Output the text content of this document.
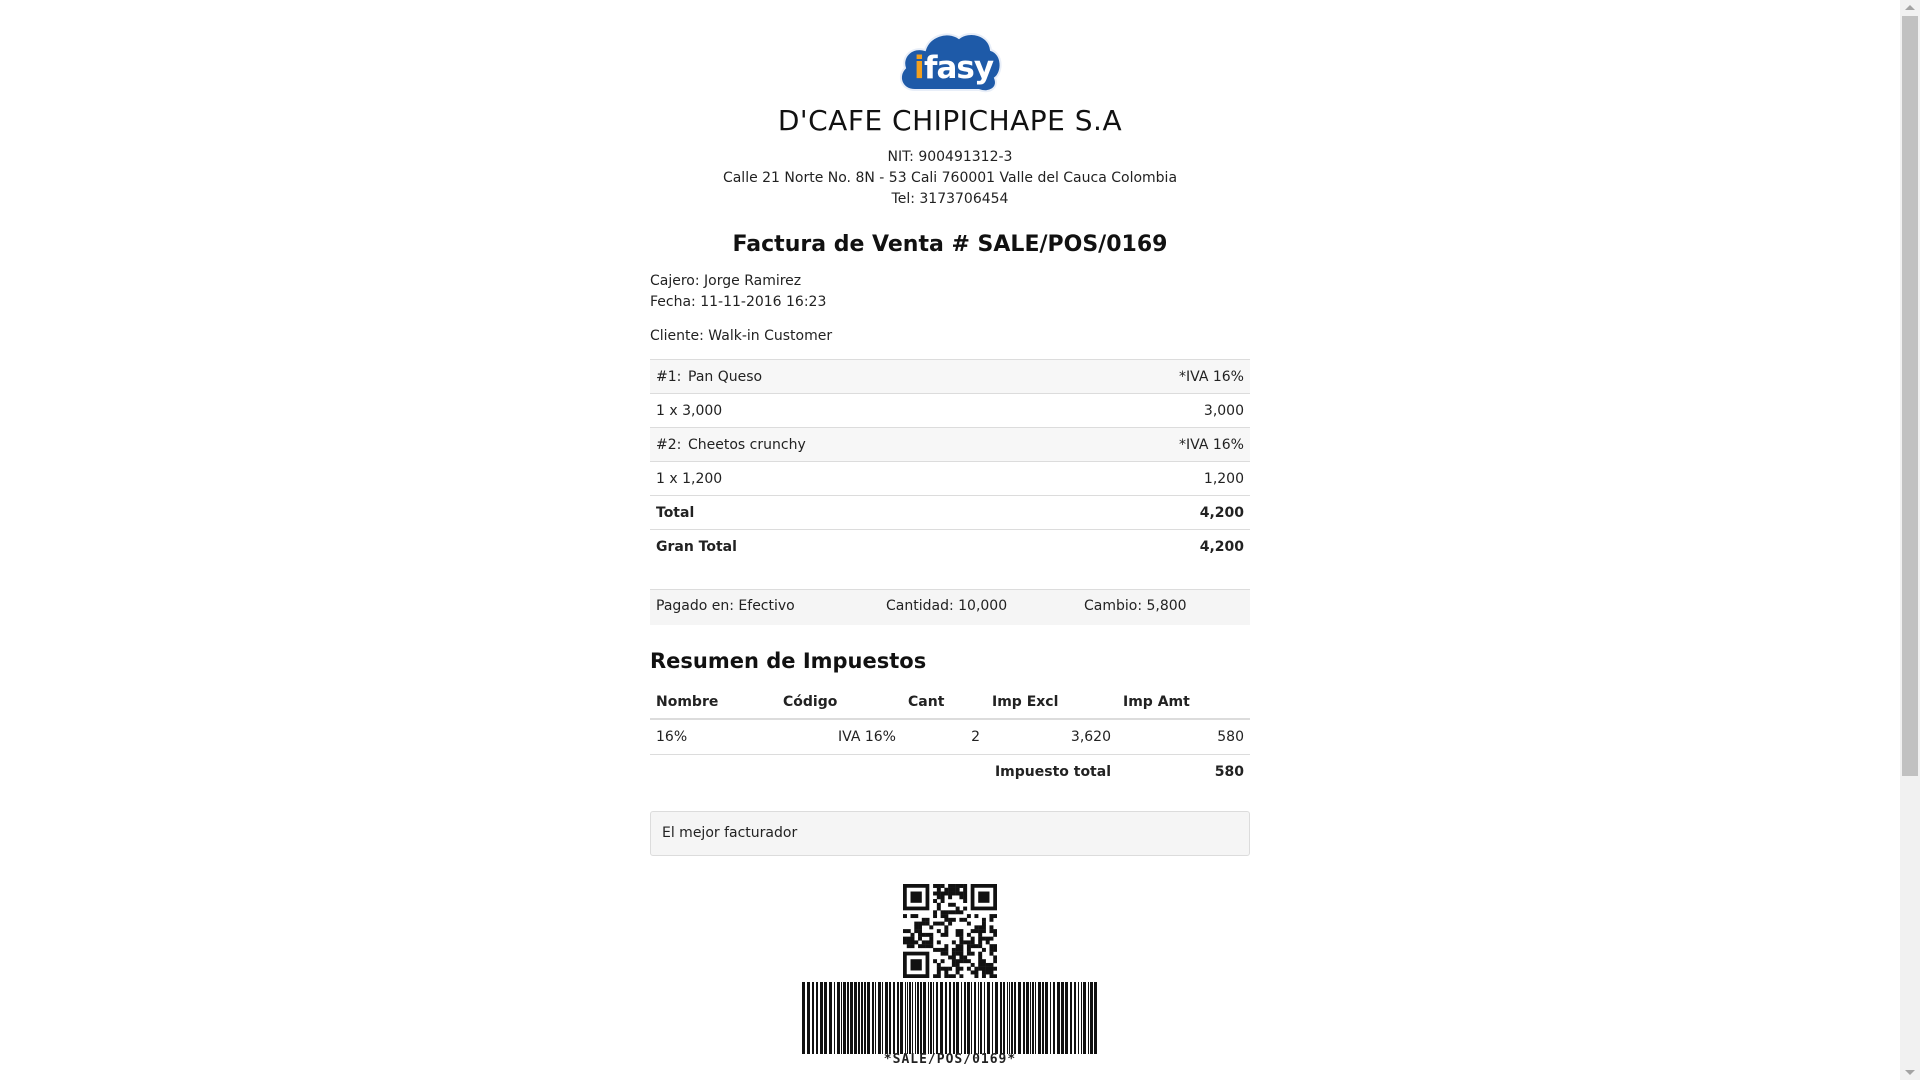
i fasy
D'CAFE CHIPICHAPE S.A
NIT: 900491312-3
Calle 21 Norte No. 8N - 53 Cali 760001 Valle del Cauca Colombia
Tel: 3173706454
Factura de Venta # SALE/POS/0169
Cajero: Jorge Ramirez
Fecha: 11-11-2016 16:23
Cliente: Walk-in Customer
#1: Pan Queso	*IVA 16%
1 x 3,000	3,000
#2: Cheetos crunchy	*IVA 16%
1 x 1,200	1,200
Total	4,200
Gran Total	4,200
Pagado en: Efectivo	Cantidad: 10,000	Cambio: 5,800
Resumen de Impuestos
Nombre	Código	Cant	Imp Excl	Imp Amt
16%	IVA 16%	2	3,620	580
			Impuesto total	580
El mejor facturador
*SALE/POS/0169*
